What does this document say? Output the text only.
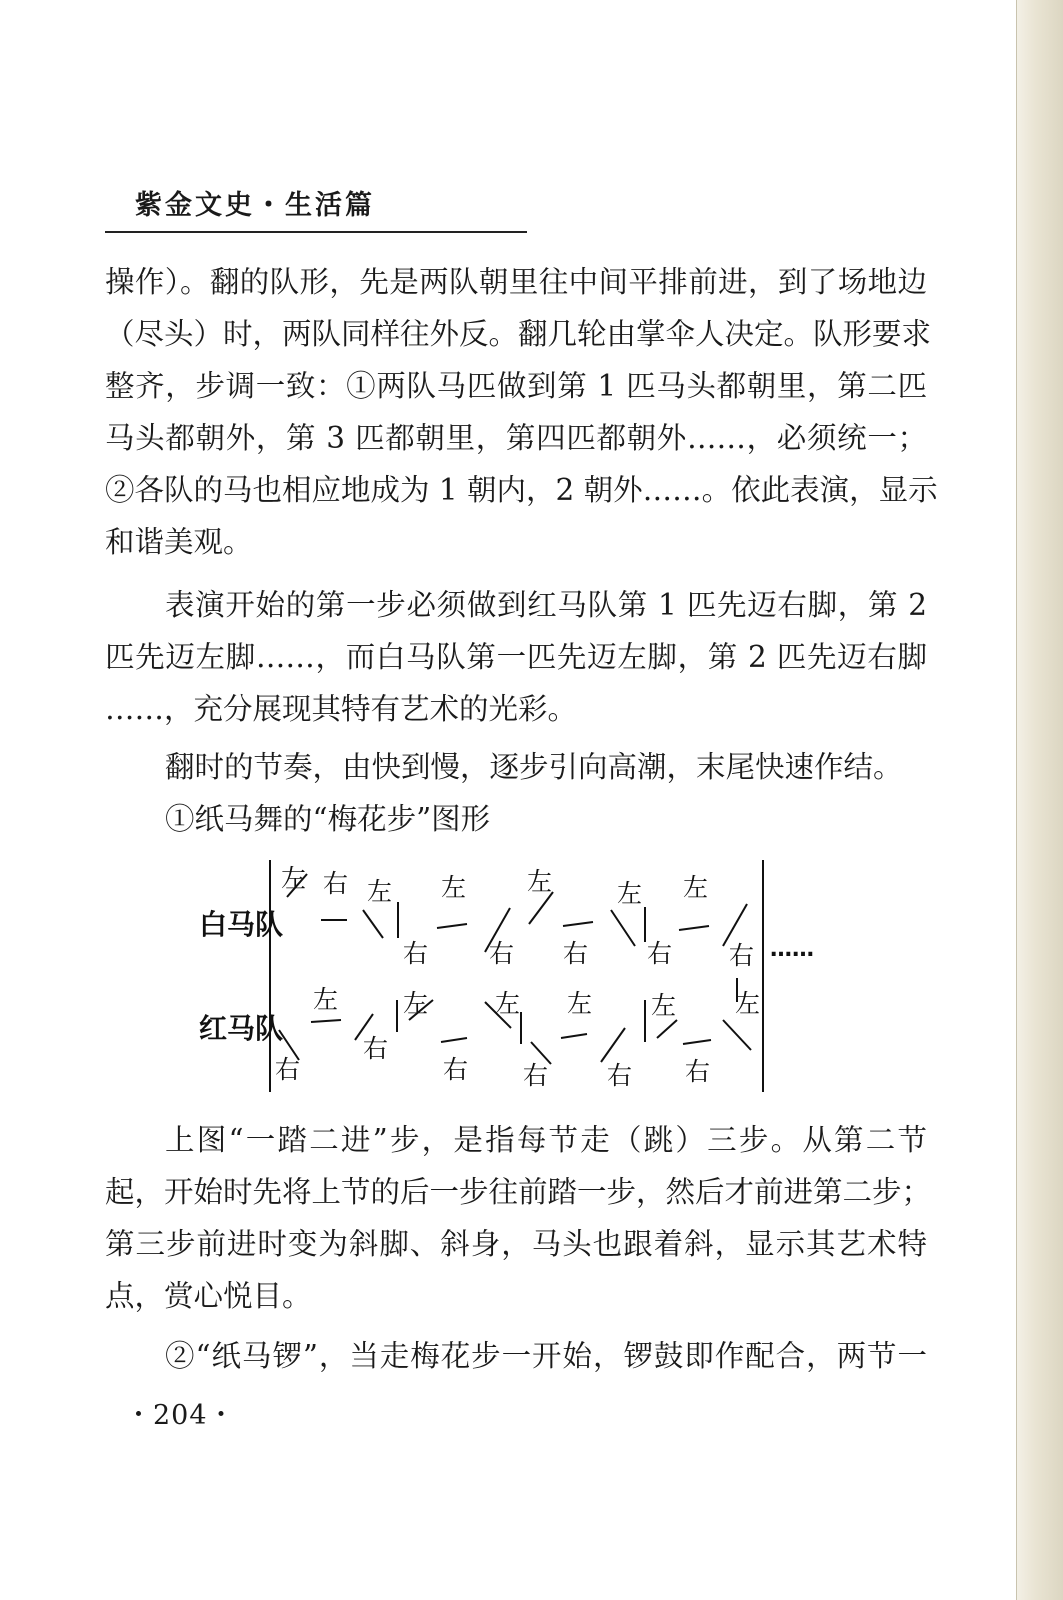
紫金文史・生活篇
操作）。翻的队形，先是两队朝里往中间平排前进，到了场地边
（尽头）时，两队同样往外反。翻几轮由掌伞人决定。队形要求
整齐，步调一致：①两队马匹做到第 1 匹马头都朝里，第二匹
马头都朝外，第 3 匹都朝里，第四匹都朝外……，必须统一；
②各队的马也相应地成为 1 朝内，2 朝外……。依此表演，显示
和谐美观。
表演开始的第一步必须做到红马队第 1 匹先迈右脚，第 2
匹先迈左脚……，而白马队第一匹先迈左脚，第 2 匹先迈右脚
……，充分展现其特有艺术的光彩。
翻时的节奏，由快到慢，逐步引向高潮，末尾快速作结。
①纸马舞的“梅花步”图形
白马队
红马队
……
左 右 左
右
左
右
左
右
左
右
左
右
右
左
右
左
右
左
右
左
右
左
右
左
上图“一踏二进”步，是指每节走（跳）三步。从第二节
起，开始时先将上节的后一步往前踏一步，然后才前进第二步；
第三步前进时变为斜脚、斜身，马头也跟着斜，显示其艺术特
点，赏心悦目。
②“纸马锣”，当走梅花步一开始，锣鼓即作配合，两节一
・204・
